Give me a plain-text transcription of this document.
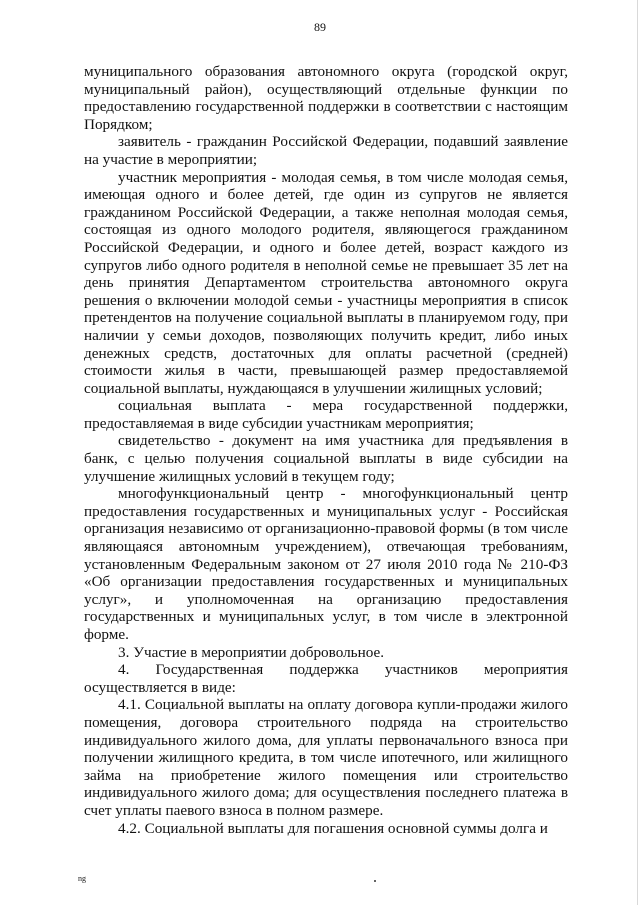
89

муниципального образования автономного округа (городской округ, муниципальный район), осуществляющий отдельные функции по предоставлению государственной поддержки в соответствии с настоящим Порядком;

заявитель - гражданин Российской Федерации, подавший заявление на участие в мероприятии;

участник мероприятия - молодая семья, в том числе молодая семья, имеющая одного и более детей, где один из супругов не является гражданином Российской Федерации, а также неполная молодая семья, состоящая из одного молодого родителя, являющегося гражданином Российской Федерации, и одного и более детей, возраст каждого из супругов либо одного родителя в неполной семье не превышает 35 лет на день принятия Департаментом строительства автономного округа решения о включении молодой семьи - участницы мероприятия в список претендентов на получение социальной выплаты в планируемом году, при наличии у семьи доходов, позволяющих получить кредит, либо иных денежных средств, достаточных для оплаты расчетной (средней) стоимости жилья в части, превышающей размер предоставляемой социальной выплаты, нуждающаяся в улучшении жилищных условий;

социальная выплата - мера государственной поддержки, предоставляемая в виде субсидии участникам мероприятия;

свидетельство - документ на имя участника для предъявления в банк, с целью получения социальной выплаты в виде субсидии на улучшение жилищных условий в текущем году;

многофункциональный центр - многофункциональный центр предоставления государственных и муниципальных услуг - Российская организация независимо от организационно-правовой формы (в том числе являющаяся автономным учреждением), отвечающая требованиям, установленным Федеральным законом от 27 июля 2010 года № 210-ФЗ «Об организации предоставления государственных и муниципальных услуг», и уполномоченная на организацию предоставления государственных и муниципальных услуг, в том числе в электронной форме.

3. Участие в мероприятии добровольное.

4. Государственная поддержка участников мероприятия осуществляется в виде:

4.1. Социальной выплаты на оплату договора купли-продажи жилого помещения, договора строительного подряда на строительство индивидуального жилого дома, для уплаты первоначального взноса при получении жилищного кредита, в том числе ипотечного, или жилищного займа на приобретение жилого помещения или строительство индивидуального жилого дома; для осуществления последнего платежа в счет уплаты паевого взноса в полном размере.

4.2. Социальной выплаты для погашения основной суммы долга и

ng
